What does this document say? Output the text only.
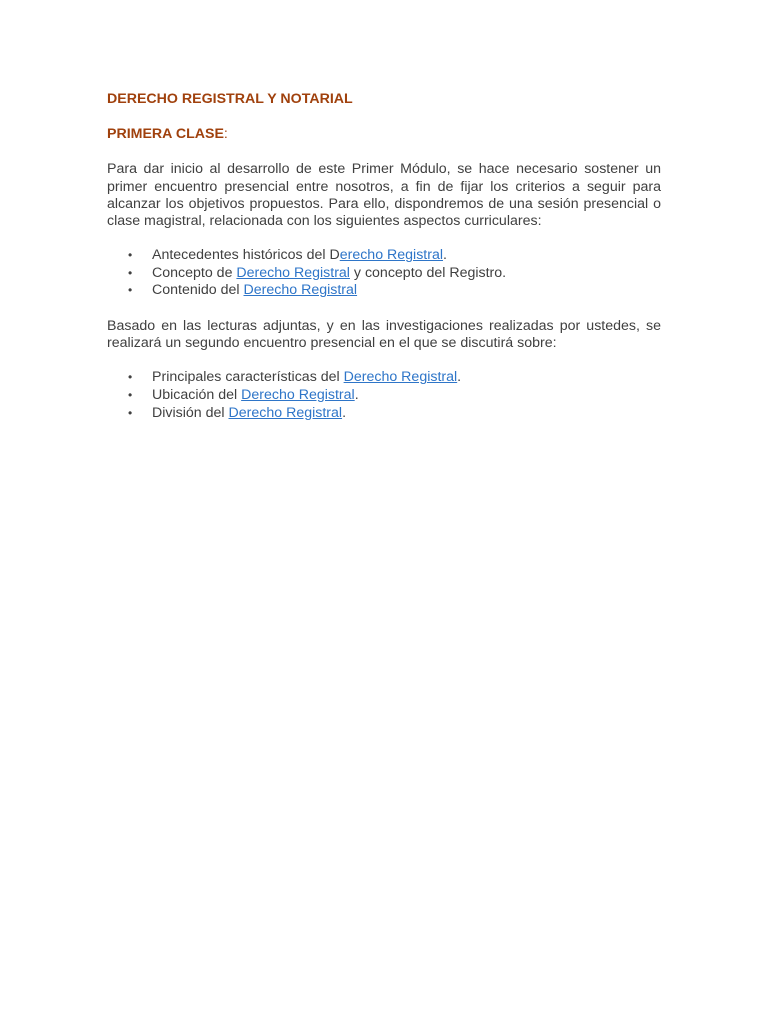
DERECHO REGISTRAL Y NOTARIAL
PRIMERA CLASE:

Para dar inicio al desarrollo de este Primer Módulo, se hace necesario sostener un primer encuentro presencial entre nosotros, a fin de fijar los criterios a seguir para alcanzar los objetivos propuestos. Para ello, dispondremos de una sesión presencial o clase magistral, relacionada con los siguientes aspectos curriculares:

• Antecedentes históricos del Derecho Registral.
• Concepto de Derecho Registral y concepto del Registro.
• Contenido del Derecho Registral

Basado en las lecturas adjuntas, y en las investigaciones realizadas por ustedes, se realizará un segundo encuentro presencial en el que se discutirá sobre:

• Principales características del Derecho Registral.
• Ubicación del Derecho Registral.
• División del Derecho Registral.
